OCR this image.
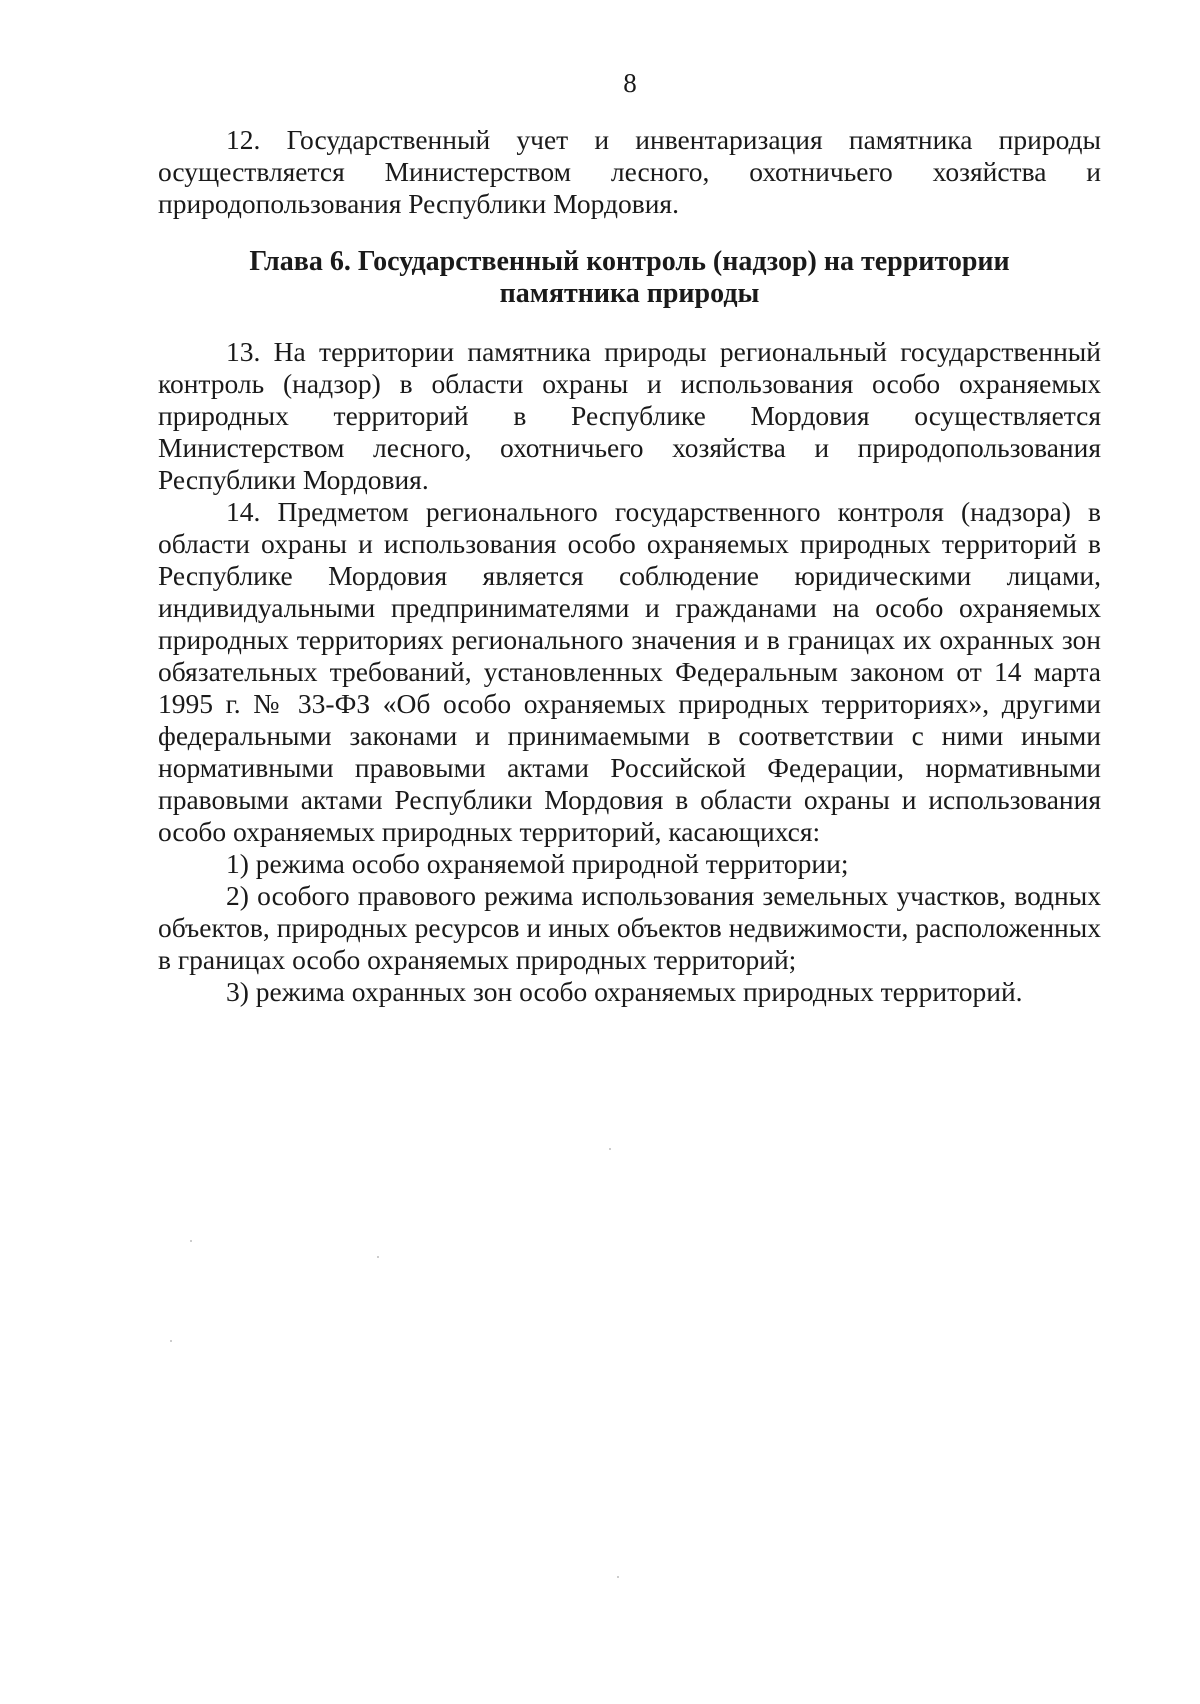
8

12. Государственный учет и инвентаризация памятника природы осуществляется Министерством лесного, охотничьего хозяйства и природопользования Республики Мордовия.

Глава 6. Государственный контроль (надзор) на территории
памятника природы

13. На территории памятника природы региональный государственный контроль (надзор) в области охраны и использования особо охраняемых природных территорий в Республике Мордовия осуществляется Министерством лесного, охотничьего хозяйства и природопользования Республики Мордовия.

14. Предметом регионального государственного контроля (надзора) в области охраны и использования особо охраняемых природных территорий в Республике Мордовия является соблюдение юридическими лицами, индивидуальными предпринимателями и гражданами на особо охраняемых природных территориях регионального значения и в границах их охранных зон обязательных требований, установленных Федеральным законом от 14 марта 1995 г. № 33-ФЗ «Об особо охраняемых природных территориях», другими федеральными законами и принимаемыми в соответствии с ними иными нормативными правовыми актами Российской Федерации, нормативными правовыми актами Республики Мордовия в области охраны и использования особо охраняемых природных территорий, касающихся:

1) режима особо охраняемой природной территории;

2) особого правового режима использования земельных участков, водных объектов, природных ресурсов и иных объектов недвижимости, расположенных в границах особо охраняемых природных территорий;

3) режима охранных зон особо охраняемых природных территорий.
